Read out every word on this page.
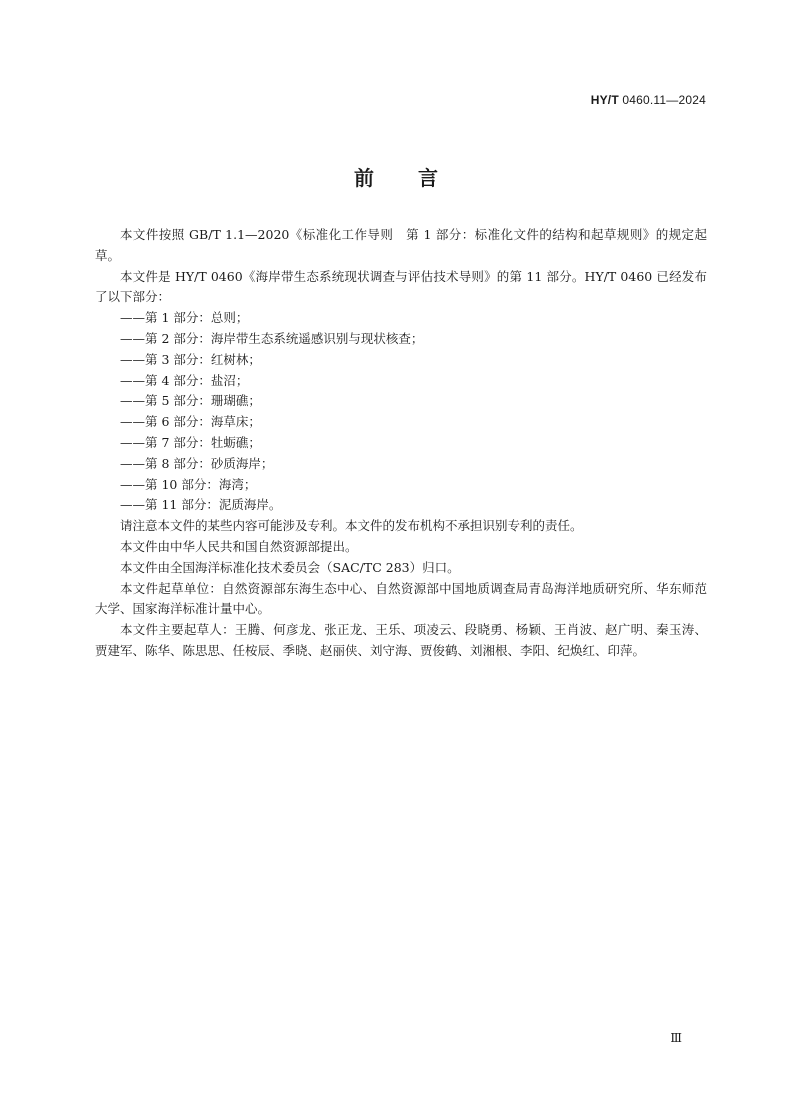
HY/T 0460.11—2024
前言

本文件按照 GB/T 1.1—2020《标准化工作导则　第 1 部分：标准化文件的结构和起草规则》的规定起草。

本文件是 HY/T 0460《海岸带生态系统现状调查与评估技术导则》的第 11 部分。HY/T 0460 已经发布了以下部分：

——第 1 部分：总则；
——第 2 部分：海岸带生态系统遥感识别与现状核查；
——第 3 部分：红树林；
——第 4 部分：盐沼；
——第 5 部分：珊瑚礁；
——第 6 部分：海草床；
——第 7 部分：牡蛎礁；
——第 8 部分：砂质海岸；
——第 10 部分：海湾；
——第 11 部分：泥质海岸。

请注意本文件的某些内容可能涉及专利。本文件的发布机构不承担识别专利的责任。

本文件由中华人民共和国自然资源部提出。

本文件由全国海洋标准化技术委员会（SAC/TC 283）归口。

本文件起草单位：自然资源部东海生态中心、自然资源部中国地质调查局青岛海洋地质研究所、华东师范大学、国家海洋标准计量中心。

本文件主要起草人：王腾、何彦龙、张正龙、王乐、项凌云、段晓勇、杨颖、王肖波、赵广明、秦玉涛、贾建军、陈华、陈思思、任桉辰、季晓、赵丽侠、刘守海、贾俊鹤、刘湘根、李阳、纪焕红、印萍。

Ⅲ
